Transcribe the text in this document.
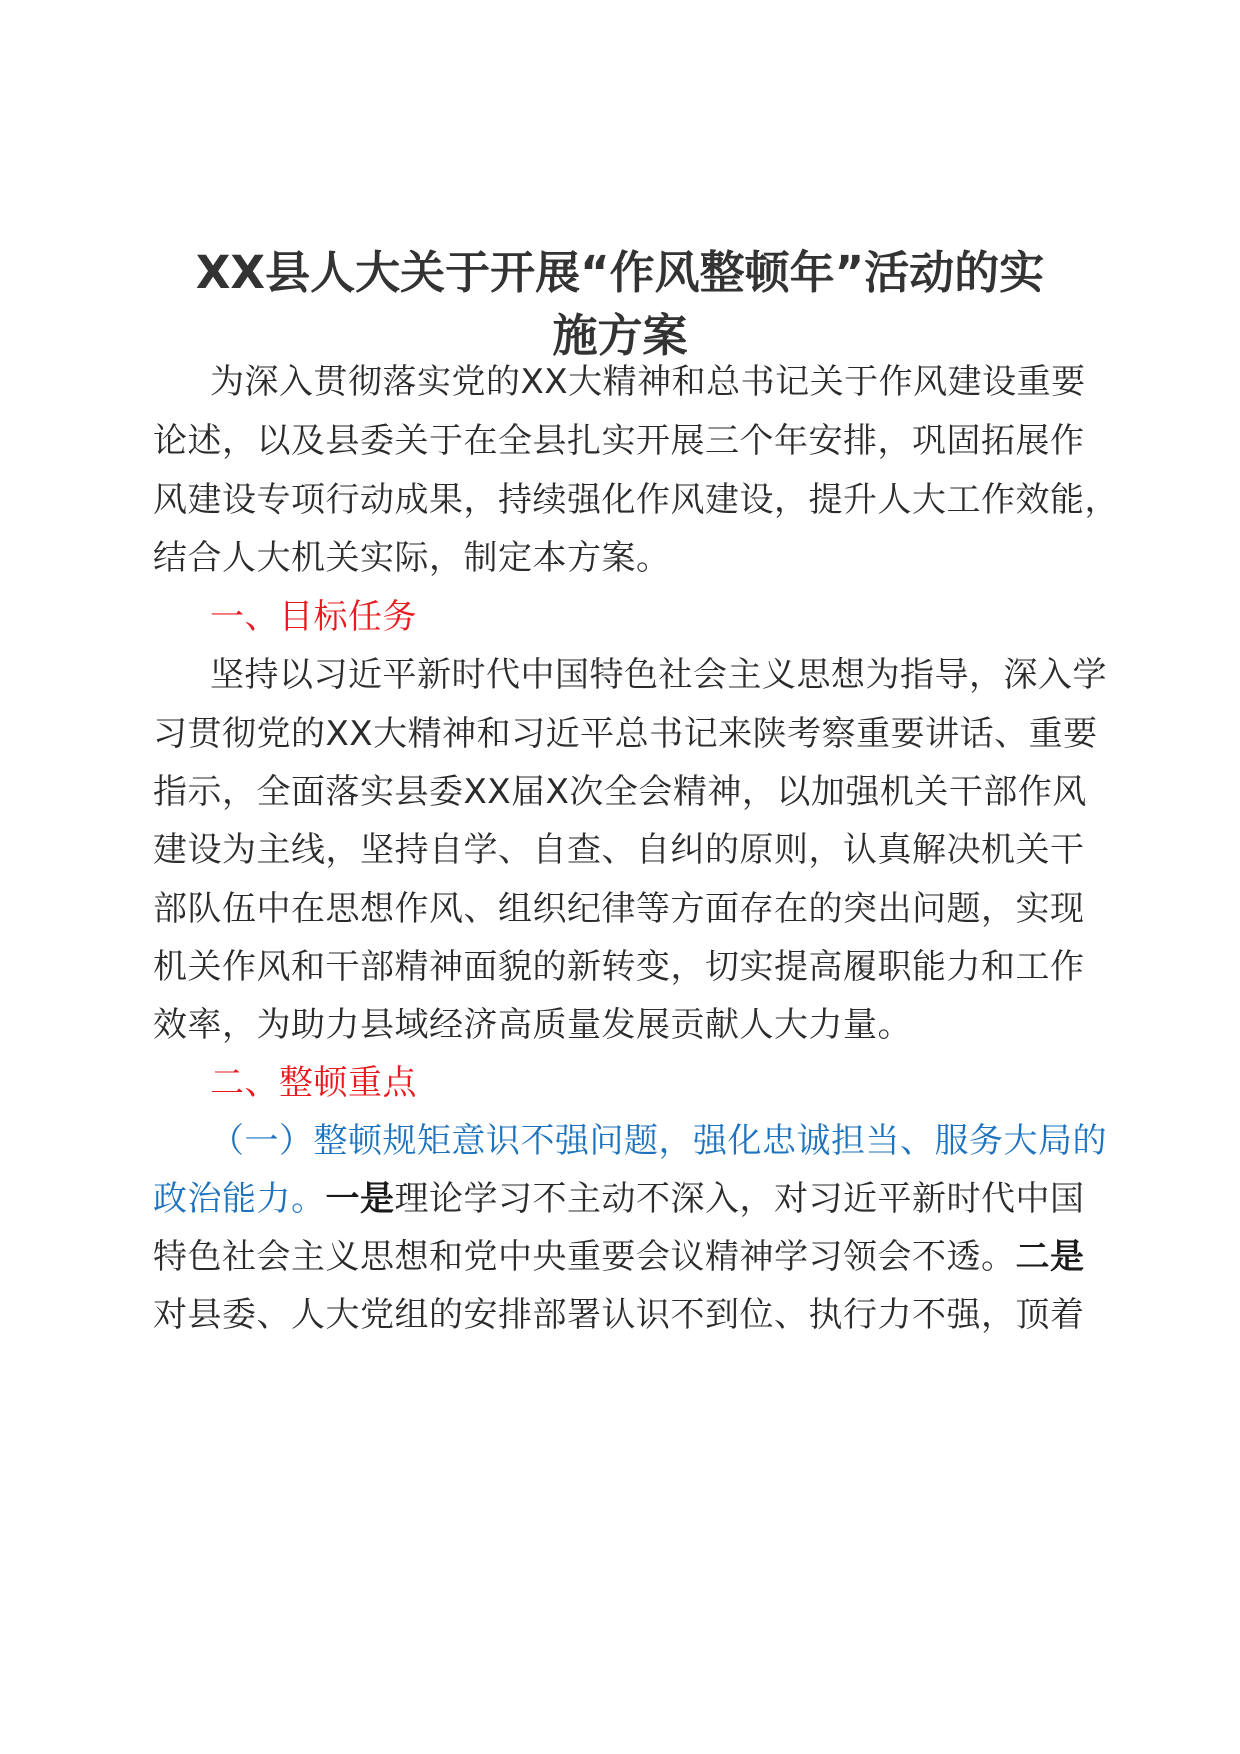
XX县人大关于开展“作风整顿年”活动的实
施方案
为深入贯彻落实党的XX大精神和总书记关于作风建设重要
论述，以及县委关于在全县扎实开展三个年安排，巩固拓展作
风建设专项行动成果，持续强化作风建设，提升人大工作效能，
结合人大机关实际，制定本方案。
一、目标任务
坚持以习近平新时代中国特色社会主义思想为指导，深入学
习贯彻党的XX大精神和习近平总书记来陕考察重要讲话、重要
指示，全面落实县委XX届X次全会精神，以加强机关干部作风
建设为主线，坚持自学、自查、自纠的原则，认真解决机关干
部队伍中在思想作风、组织纪律等方面存在的突出问题，实现
机关作风和干部精神面貌的新转变，切实提高履职能力和工作
效率，为助力县域经济高质量发展贡献人大力量。
二、整顿重点
（一）整顿规矩意识不强问题，强化忠诚担当、服务大局的
政治能力。一是理论学习不主动不深入，对习近平新时代中国
特色社会主义思想和党中央重要会议精神学习领会不透。二是
对县委、人大党组的安排部署认识不到位、执行力不强，顶着
